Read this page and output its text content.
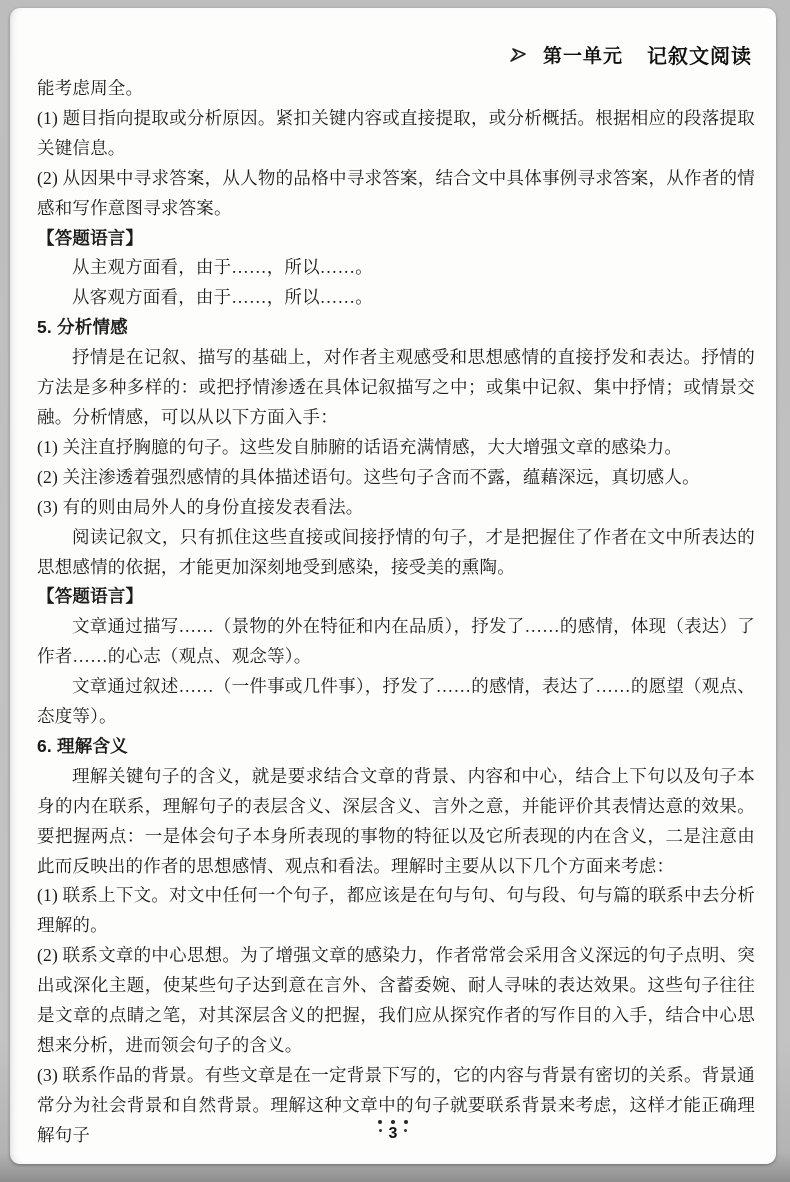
第一单元 记叙文阅读

能考虑周全。

(1) 题目指向提取或分析原因。紧扣关键内容或直接提取，或分析概括。根据相应的段落提取关键信息。

(2) 从因果中寻求答案，从人物的品格中寻求答案，结合文中具体事例寻求答案，从作者的情感和写作意图寻求答案。

【答题语言】

从主观方面看，由于……，所以……。

从客观方面看，由于……，所以……。

5. 分析情感

抒情是在记叙、描写的基础上，对作者主观感受和思想感情的直接抒发和表达。抒情的方法是多种多样的：或把抒情渗透在具体记叙描写之中；或集中记叙、集中抒情；或情景交融。分析情感，可以从以下方面入手：

(1) 关注直抒胸臆的句子。这些发自肺腑的话语充满情感，大大增强文章的感染力。

(2) 关注渗透着强烈感情的具体描述语句。这些句子含而不露，蕴藉深远，真切感人。

(3) 有的则由局外人的身份直接发表看法。

阅读记叙文，只有抓住这些直接或间接抒情的句子，才是把握住了作者在文中所表达的思想感情的依据，才能更加深刻地受到感染，接受美的熏陶。

【答题语言】

文章通过描写……（景物的外在特征和内在品质），抒发了……的感情，体现（表达）了作者……的心志（观点、观念等）。

文章通过叙述……（一件事或几件事），抒发了……的感情，表达了……的愿望（观点、态度等）。

6. 理解含义

理解关键句子的含义，就是要求结合文章的背景、内容和中心，结合上下句以及句子本身的内在联系，理解句子的表层含义、深层含义、言外之意，并能评价其表情达意的效果。要把握两点：一是体会句子本身所表现的事物的特征以及它所表现的内在含义，二是注意由此而反映出的作者的思想感情、观点和看法。理解时主要从以下几个方面来考虑：

(1) 联系上下文。对文中任何一个句子，都应该是在句与句、句与段、句与篇的联系中去分析理解的。

(2) 联系文章的中心思想。为了增强文章的感染力，作者常常会采用含义深远的句子点明、突出或深化主题，使某些句子达到意在言外、含蓄委婉、耐人寻味的表达效果。这些句子往往是文章的点睛之笔，对其深层含义的把握，我们应从探究作者的写作目的入手，结合中心思想来分析，进而领会句子的含义。

(3) 联系作品的背景。有些文章是在一定背景下写的，它的内容与背景有密切的关系。背景通常分为社会背景和自然背景。理解这种文章中的句子就要联系背景来考虑，这样才能正确理解句子	3
